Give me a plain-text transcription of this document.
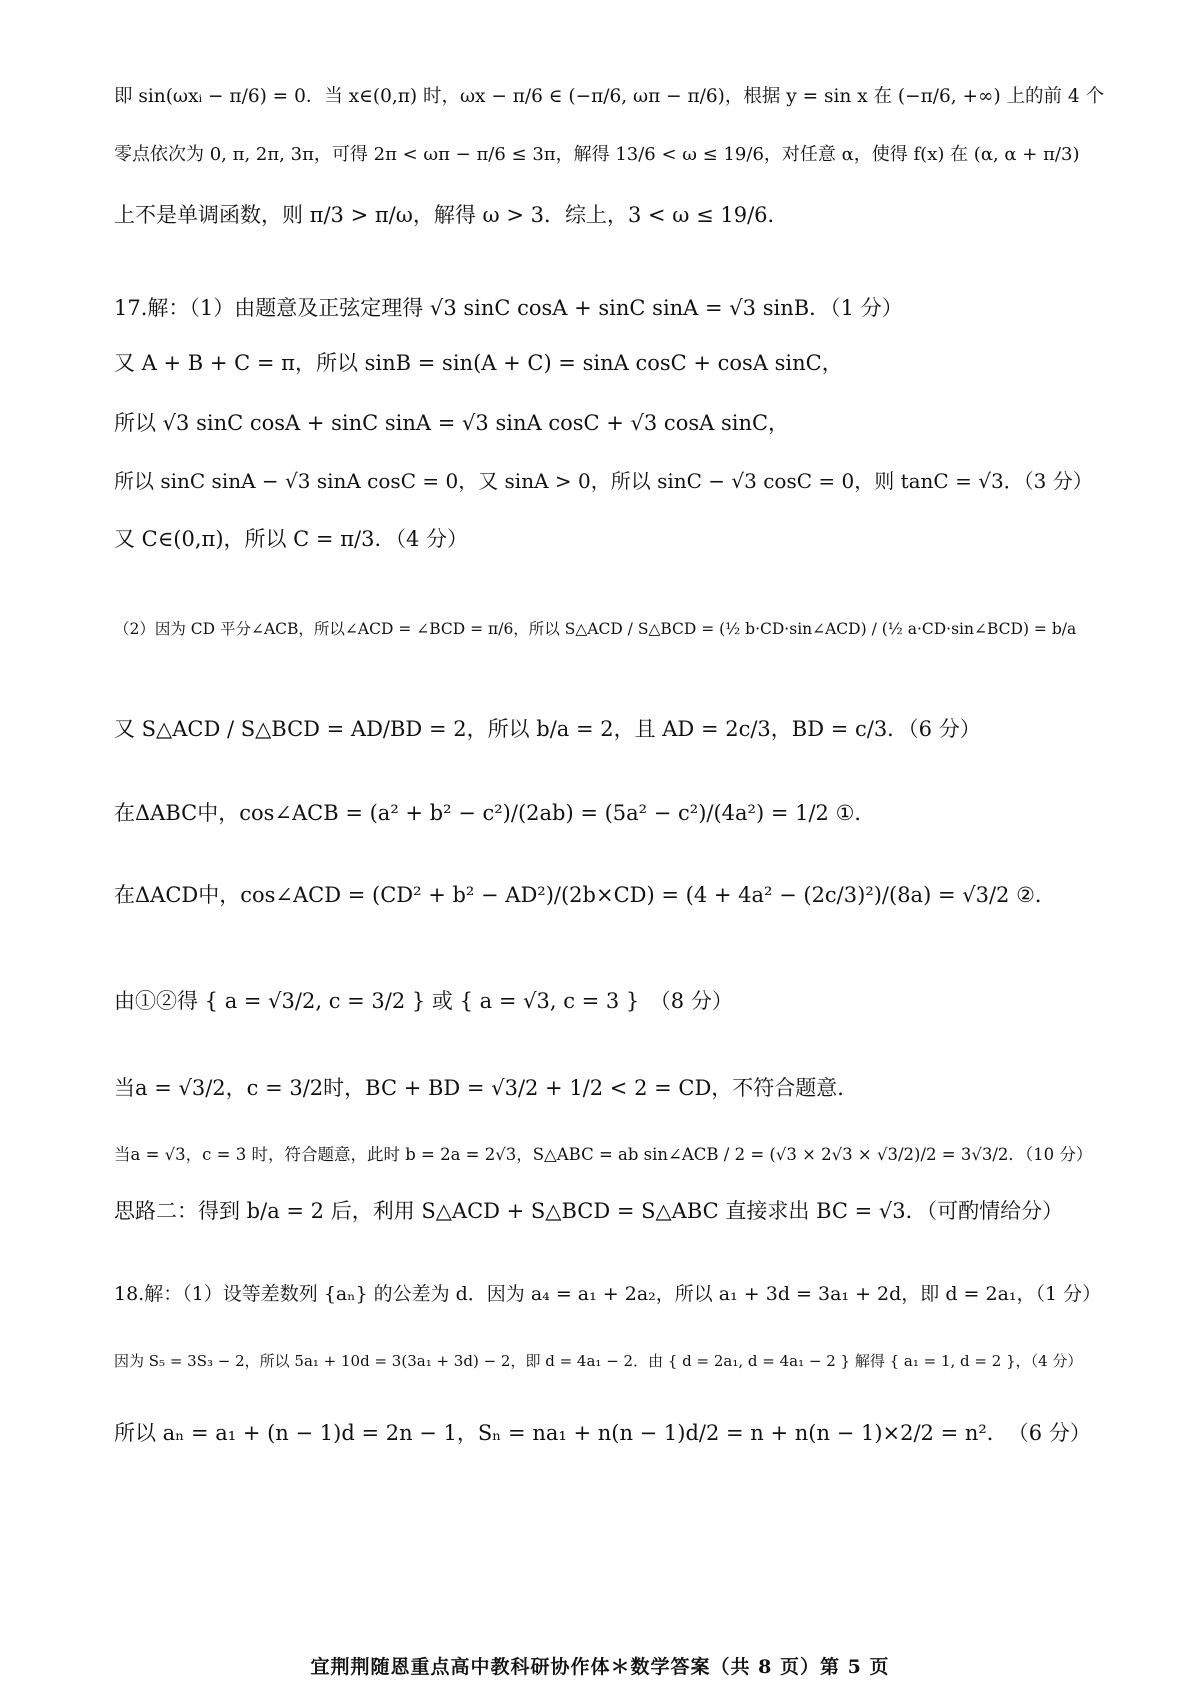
即 sin(ωxᵢ − π/6) = 0．当 x∈(0,π) 时，ωx − π/6 ∈ (−π/6, ωπ − π/6)，根据 y = sin x 在 (−π/6, +∞) 上的前 4 个
零点依次为 0, π, 2π, 3π，可得 2π < ωπ − π/6 ≤ 3π，解得 13/6 < ω ≤ 19/6，对任意 α，使得 f(x) 在 (α, α + π/3)
上不是单调函数，则 π/3 > π/ω，解得 ω > 3．综上，3 < ω ≤ 19/6．
17.解：（1）由题意及正弦定理得 √3 sinC cosA + sinC sinA = √3 sinB．（1 分）
又 A + B + C = π，所以 sinB = sin(A + C) = sinA cosC + cosA sinC，
所以 √3 sinC cosA + sinC sinA = √3 sinA cosC + √3 cosA sinC，
所以 sinC sinA − √3 sinA cosC = 0，又 sinA > 0，所以 sinC − √3 cosC = 0，则 tanC = √3．（3 分）
又 C∈(0,π)，所以 C = π/3．（4 分）
（2）因为 CD 平分∠ACB，所以∠ACD = ∠BCD = π/6，所以 S△ACD / S△BCD = (½ b·CD·sin∠ACD) / (½ a·CD·sin∠BCD) = b/a
又 S△ACD / S△BCD = AD/BD = 2，所以 b/a = 2，且 AD = 2c/3，BD = c/3．（6 分）
在ΔABC中，cos∠ACB = (a² + b² − c²)/(2ab) = (5a² − c²)/(4a²) = 1/2 ①．
在ΔACD中，cos∠ACD = (CD² + b² − AD²)/(2b×CD) = (4 + 4a² − (2c/3)²)/(8a) = √3/2 ②．
由①②得 { a = √3/2, c = 3/2 } 或 { a = √3, c = 3 }　（8 分）
当a = √3/2，c = 3/2时，BC + BD = √3/2 + 1/2 < 2 = CD，不符合题意．
当a = √3，c = 3 时，符合题意，此时 b = 2a = 2√3，S△ABC = ab sin∠ACB / 2 = (√3 × 2√3 × √3/2)/2 = 3√3/2．（10 分）
思路二：得到 b/a = 2 后，利用 S△ACD + S△BCD = S△ABC 直接求出 BC = √3．（可酌情给分）
18.解：（1）设等差数列 {aₙ} 的公差为 d．因为 a₄ = a₁ + 2a₂，所以 a₁ + 3d = 3a₁ + 2d，即 d = 2a₁，（1 分）
因为 S₅ = 3S₃ − 2，所以 5a₁ + 10d = 3(3a₁ + 3d) − 2，即 d = 4a₁ − 2．由 { d = 2a₁, d = 4a₁ − 2 } 解得 { a₁ = 1, d = 2 }，（4 分）
所以 aₙ = a₁ + (n − 1)d = 2n − 1，Sₙ = na₁ + n(n − 1)d/2 = n + n(n − 1)×2/2 = n²．　（6 分）
宜荆荆随恩重点高中教科研协作体＊数学答案（共 8 页）第 5 页
